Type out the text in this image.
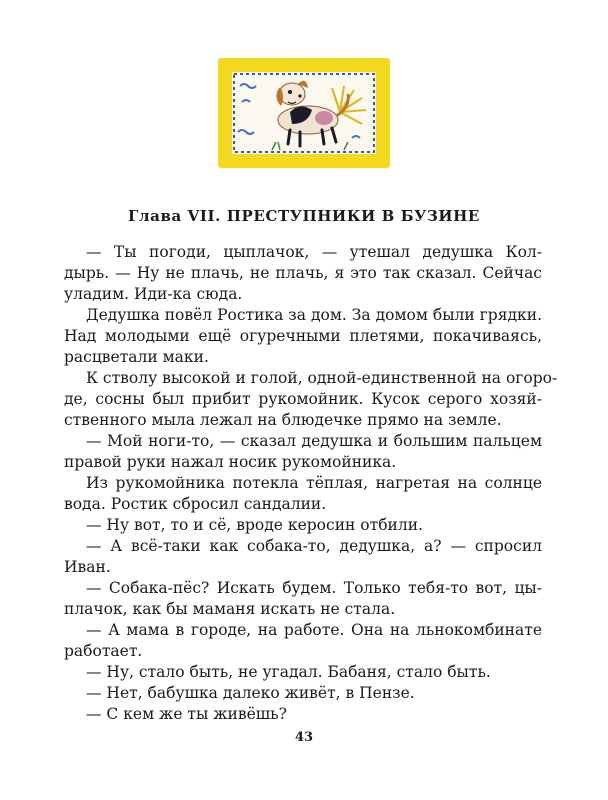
Глава VII. ПРЕСТУПНИКИ В БУЗИНЕ
— Ты погоди, цыплачок, — утешал дедушка Кол-
дырь. — Ну не плачь, не плачь, я это так сказал. Сейчас
уладим. Иди-ка сюда.
Дедушка повёл Ростика за дом. За домом были грядки.
Над молодыми ещё огуречными плетями, покачиваясь,
расцветали маки.
К стволу высокой и голой, одной-единственной на огоро-
де, сосны был прибит рукомойник. Кусок серого хозяй-
ственного мыла лежал на блюдечке прямо на земле.
— Мой ноги-то, — сказал дедушка и большим пальцем
правой руки нажал носик рукомойника.
Из рукомойника потекла тёплая, нагретая на солнце
вода. Ростик сбросил сандалии.
— Ну вот, то и сё, вроде керосин отбили.
— А всё-таки как собака-то, дедушка, а? — спросил
Иван.
— Собака-пёс? Искать будем. Только тебя-то вот, цы-
плачок, как бы маманя искать не стала.
— А мама в городе, на работе. Она на льнокомбинате
работает.
— Ну, стало быть, не угадал. Бабаня, стало быть.
— Нет, бабушка далеко живёт, в Пензе.
— С кем же ты живёшь?
43
